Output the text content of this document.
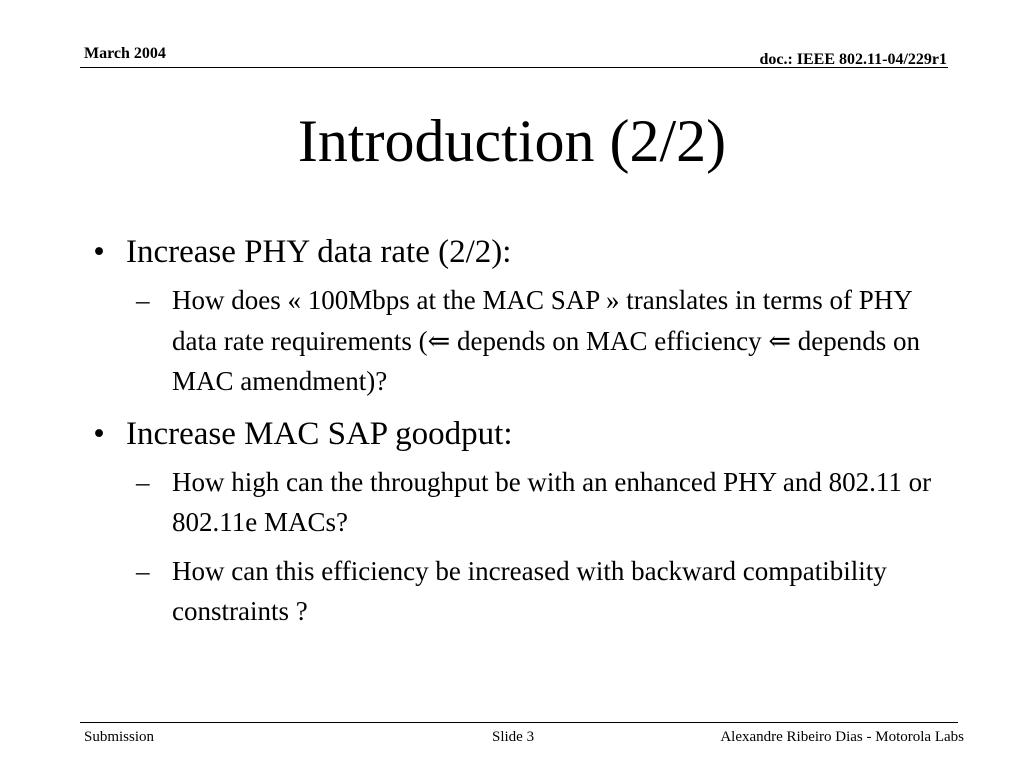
March 2004	doc.: IEEE 802.11-04/229r1
Introduction (2/2)
• Increase PHY data rate (2/2):
– How does « 100Mbps at the MAC SAP » translates in terms of PHY data rate requirements (⇐ depends on MAC efficiency ⇐ depends on MAC amendment)?
• Increase MAC SAP goodput:
– How high can the throughput be with an enhanced PHY and 802.11 or 802.11e MACs?
– How can this efficiency be increased with backward compatibility constraints ?
Submission	Slide 3	Alexandre Ribeiro Dias - Motorola Labs
